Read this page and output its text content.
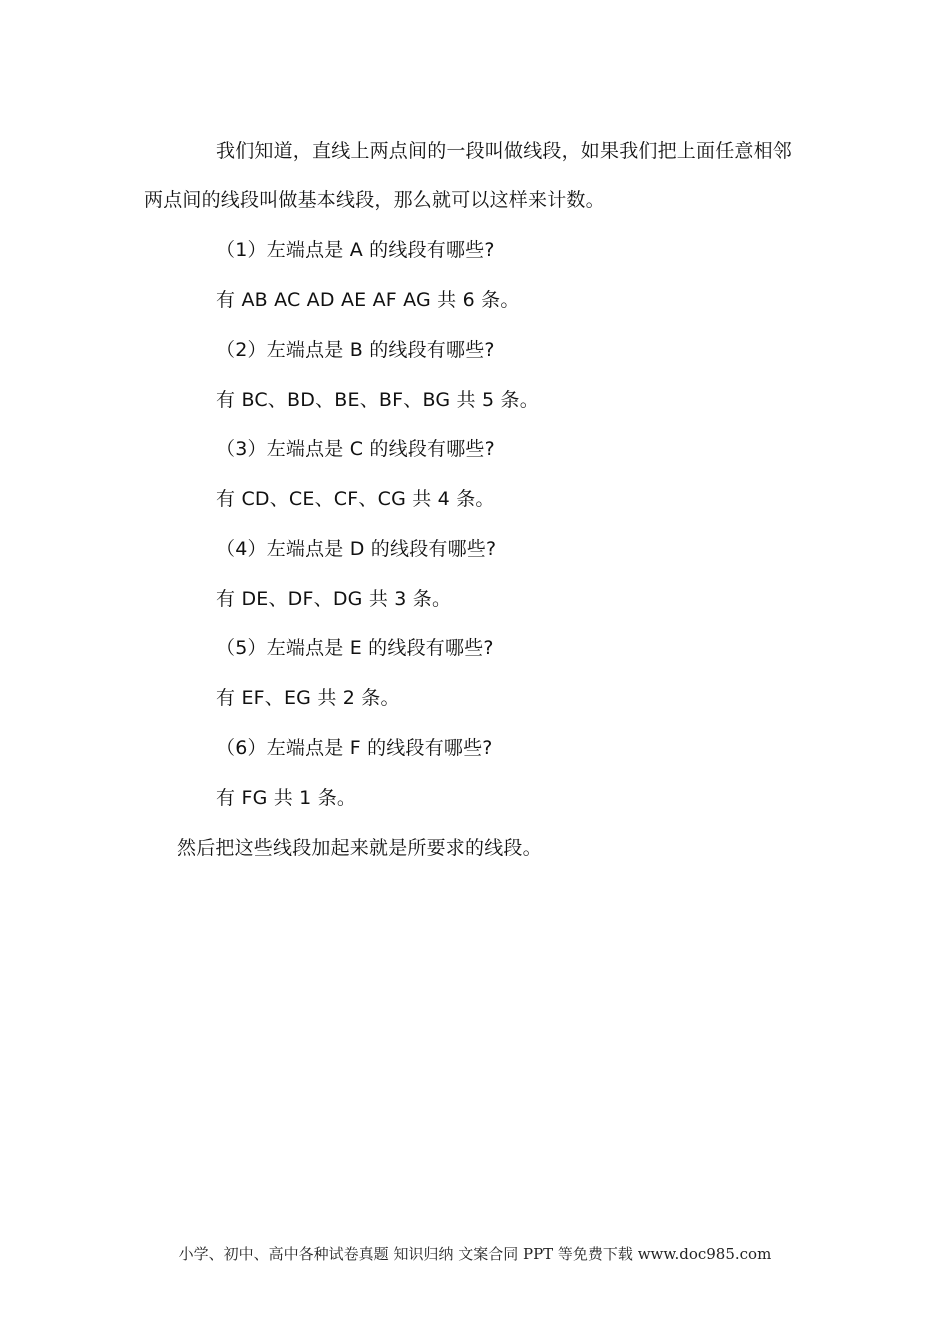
我们知道，直线上两点间的一段叫做线段，如果我们把上面任意相邻
两点间的线段叫做基本线段，那么就可以这样来计数。
（1）左端点是 A 的线段有哪些?
有 AB AC AD AE AF AG 共 6 条。
（2）左端点是 B 的线段有哪些?
有 BC、BD、BE、BF、BG 共 5 条。
（3）左端点是 C 的线段有哪些?
有 CD、CE、CF、CG 共 4 条。
（4）左端点是 D 的线段有哪些?
有 DE、DF、DG 共 3 条。
（5）左端点是 E 的线段有哪些?
有 EF、EG 共 2 条。
（6）左端点是 F 的线段有哪些?
有 FG 共 1 条。
然后把这些线段加起来就是所要求的线段。
小学、初中、高中各种试卷真题 知识归纳 文案合同 PPT 等免费下载 www.doc985.com
